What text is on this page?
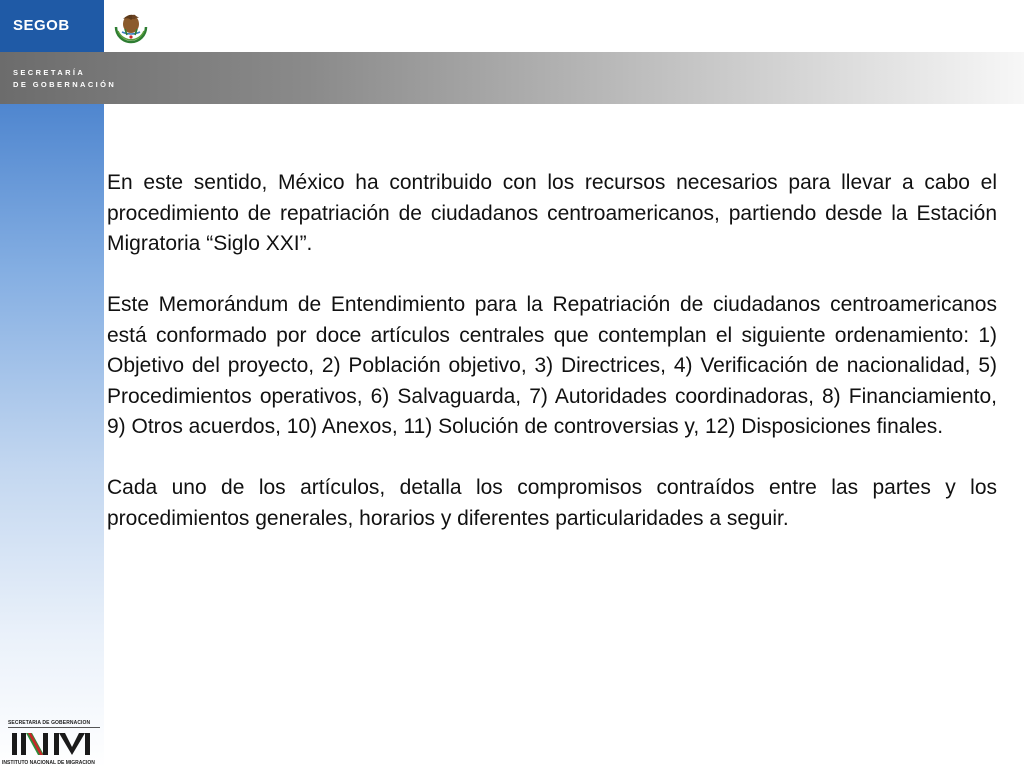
SEGOB
SECRETARÍA
DE GOBERNACIÓN

En este sentido, México ha contribuido con los recursos necesarios para llevar a cabo el procedimiento de repatriación de ciudadanos centroamericanos, partiendo desde la Estación Migratoria “Siglo XXI”.

Este Memorándum de Entendimiento para la Repatriación de ciudadanos centroamericanos está conformado por doce artículos centrales que contemplan el siguiente ordenamiento: 1) Objetivo del proyecto, 2) Población objetivo, 3) Directrices, 4) Verificación de nacionalidad, 5) Procedimientos operativos, 6) Salvaguarda, 7) Autoridades coordinadoras, 8) Financiamiento, 9) Otros acuerdos, 10) Anexos, 11) Solución de controversias y, 12) Disposiciones finales.

Cada uno de los artículos, detalla los compromisos contraídos entre las partes y los procedimientos generales, horarios y diferentes particularidades a seguir.

SECRETARIA DE GOBERNACION
INSTITUTO NACIONAL DE MIGRACION
